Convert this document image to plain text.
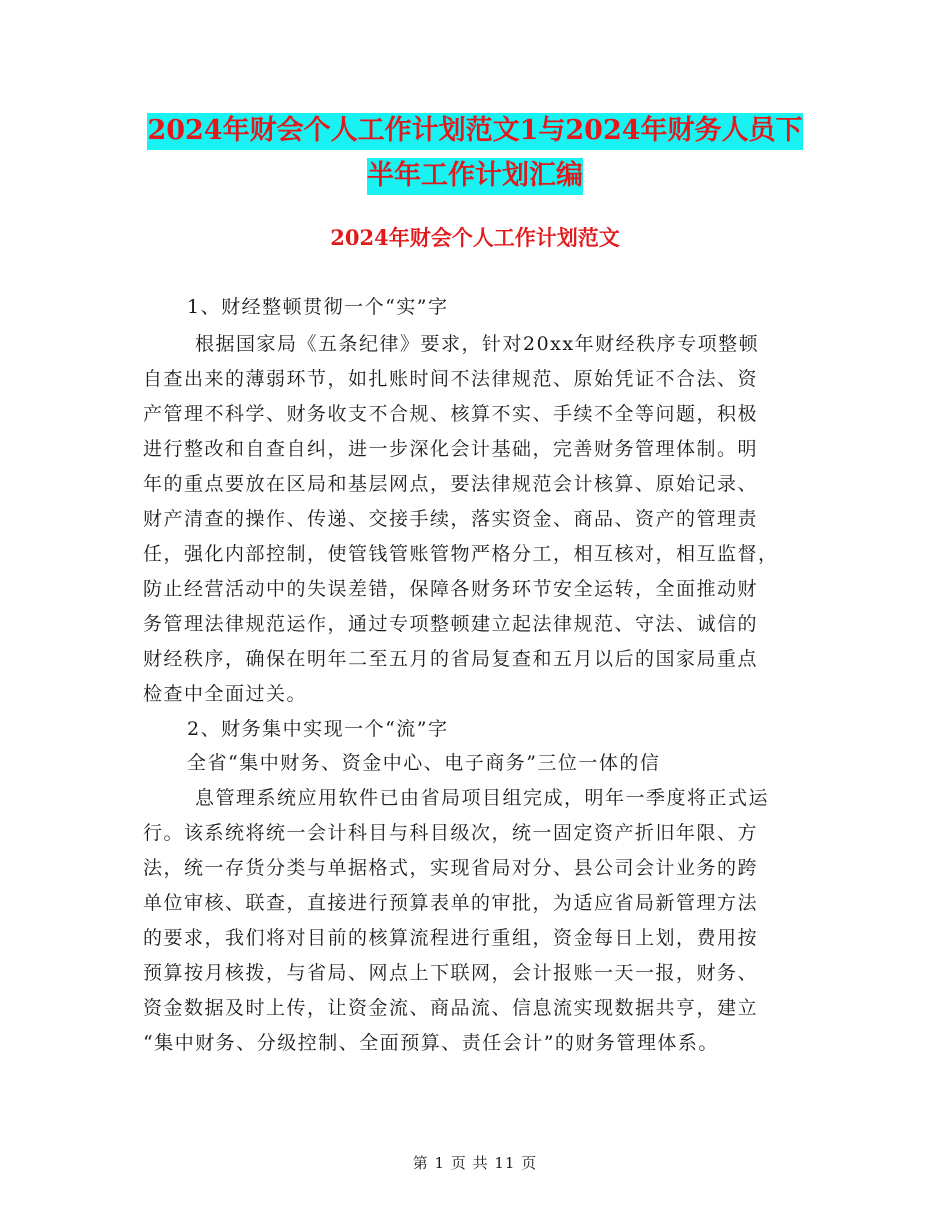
2024年财会个人工作计划范文1与2024年财务人员下
半年工作计划汇编
2024年财会个人工作计划范文

1、财经整顿贯彻一个“实”字

根据国家局《五条纪律》要求，针对20xx年财经秩序专项整顿
自查出来的薄弱环节，如扎账时间不法律规范、原始凭证不合法、资
产管理不科学、财务收支不合规、核算不实、手续不全等问题，积极
进行整改和自查自纠，进一步深化会计基础，完善财务管理体制。明
年的重点要放在区局和基层网点，要法律规范会计核算、原始记录、
财产清查的操作、传递、交接手续，落实资金、商品、资产的管理责
任，强化内部控制，使管钱管账管物严格分工，相互核对，相互监督，
防止经营活动中的失误差错，保障各财务环节安全运转，全面推动财
务管理法律规范运作，通过专项整顿建立起法律规范、守法、诚信的
财经秩序，确保在明年二至五月的省局复查和五月以后的国家局重点
检查中全面过关。

2、财务集中实现一个“流”字

全省“集中财务、资金中心、电子商务”三位一体的信

息管理系统应用软件已由省局项目组完成，明年一季度将正式运
行。该系统将统一会计科目与科目级次，统一固定资产折旧年限、方
法，统一存货分类与单据格式，实现省局对分、县公司会计业务的跨
单位审核、联查，直接进行预算表单的审批，为适应省局新管理方法
的要求，我们将对目前的核算流程进行重组，资金每日上划，费用按
预算按月核拨，与省局、网点上下联网，会计报账一天一报，财务、
资金数据及时上传，让资金流、商品流、信息流实现数据共亨，建立
“集中财务、分级控制、全面预算、责任会计”的财务管理体系。
第 1 页 共 11 页
